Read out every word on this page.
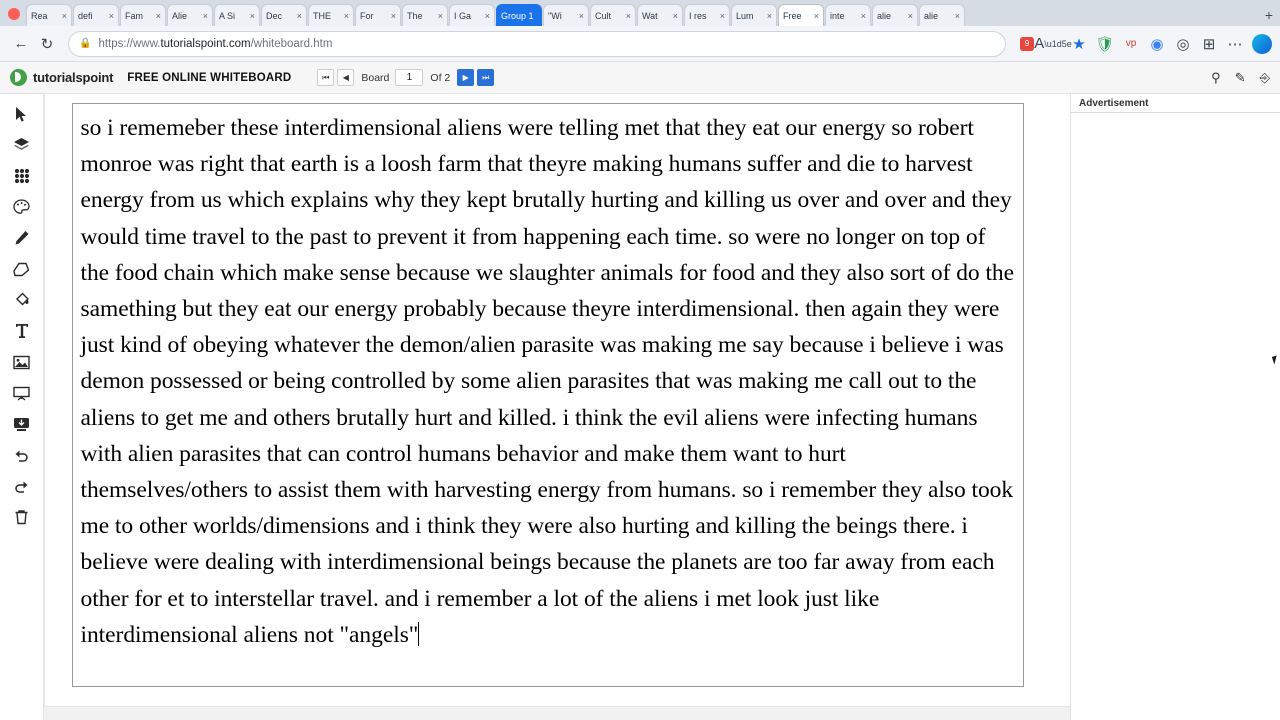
Rea	× defi	× Fam	× Alie	× A Si	× Dec	× THE	× For	× The	× I Ga	× Group 1	"Wi	× Cult	× Wat	× I res	× Lum	× Free	× inte	× alie	× alie	×	+
← ↻	🔒 https://www. tutorialspoint.com /whiteboard.htm	9 A \u1d5e ★ 🛡	vp ◉ ◎ ⊞ ⋯
tutorialspoint FREE ONLINE WHITEBOARD	⏮	◀	Board
1	Of 2	▶	⏭	⚲ ✎ ⎆

so i rememeber these interdimensional aliens were telling met that they eat our energy so robert monroe was right that earth is a loosh farm that theyre making humans suffer and die to harvest energy from us which explains why they kept brutally hurting and killing us over and over and they would time travel to the past to prevent it from happening each time. so were no longer on top of the food chain which make sense because we slaughter animals for food and they also sort of do the samething but they eat our energy probably because theyre interdimensional. then again they were just kind of obeying whatever the demon/alien parasite was making me say because i believe i was demon possessed or being controlled by some alien parasites that was making me call out to the aliens to get me and others brutally hurt and killed. i think the evil aliens were infecting humans with alien parasites that can control humans behavior and make them want to hurt themselves/others to assist them with harvesting energy from humans. so i remember they also took me to other worlds/dimensions and i think they were also hurting and killing the beings there. i believe were dealing with interdimensional beings because the planets are too far away from each other for et to interstellar travel. and i remember a lot of the aliens i met look just like interdimensional aliens not "angels"

Advertisement
